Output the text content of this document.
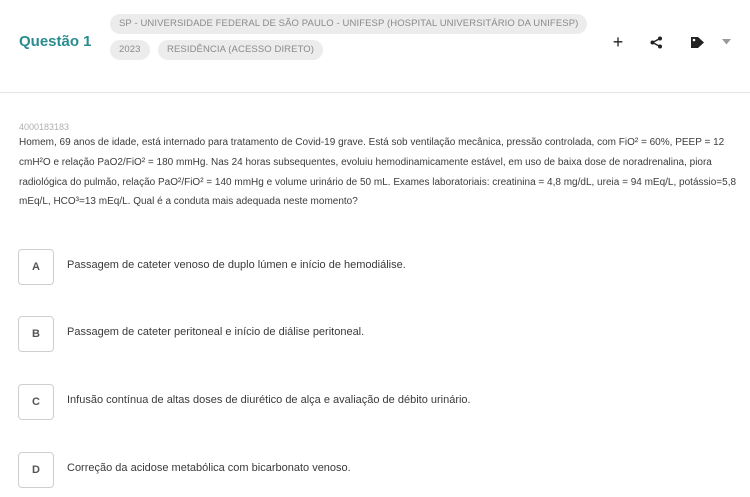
Questão 1
SP - UNIVERSIDADE FEDERAL DE SÃO PAULO - UNIFESP (HOSPITAL UNIVERSITÁRIO DA UNIFESP)
2023	RESIDÊNCIA (ACESSO DIRETO)	+
4000183183
Homem, 69 anos de idade, está internado para tratamento de Covid-19 grave. Está sob ventilação mecânica, pressão controlada, com FiO² = 60%, PEEP = 12 cmH²O e relação PaO2/FiO² = 180 mmHg. Nas 24 horas subsequentes, evoluiu hemodinamicamente estável, em uso de baixa dose de noradrenalina, piora radiológica do pulmão, relação PaO²/FiO² = 140 mmHg e volume urinário de 50 mL. Exames laboratoriais: creatinina = 4,8 mg/dL, ureia = 94 mEq/L, potássio=5,8 mEq/L, HCO³=13 mEq/L. Qual é a conduta mais adequada neste momento?
A	Passagem de cateter venoso de duplo lúmen e início de hemodiálise.
B	Passagem de cateter peritoneal e início de diálise peritoneal.
C	Infusão contínua de altas doses de diurético de alça e avaliação de débito urinário.
D	Correção da acidose metabólica com bicarbonato venoso.
